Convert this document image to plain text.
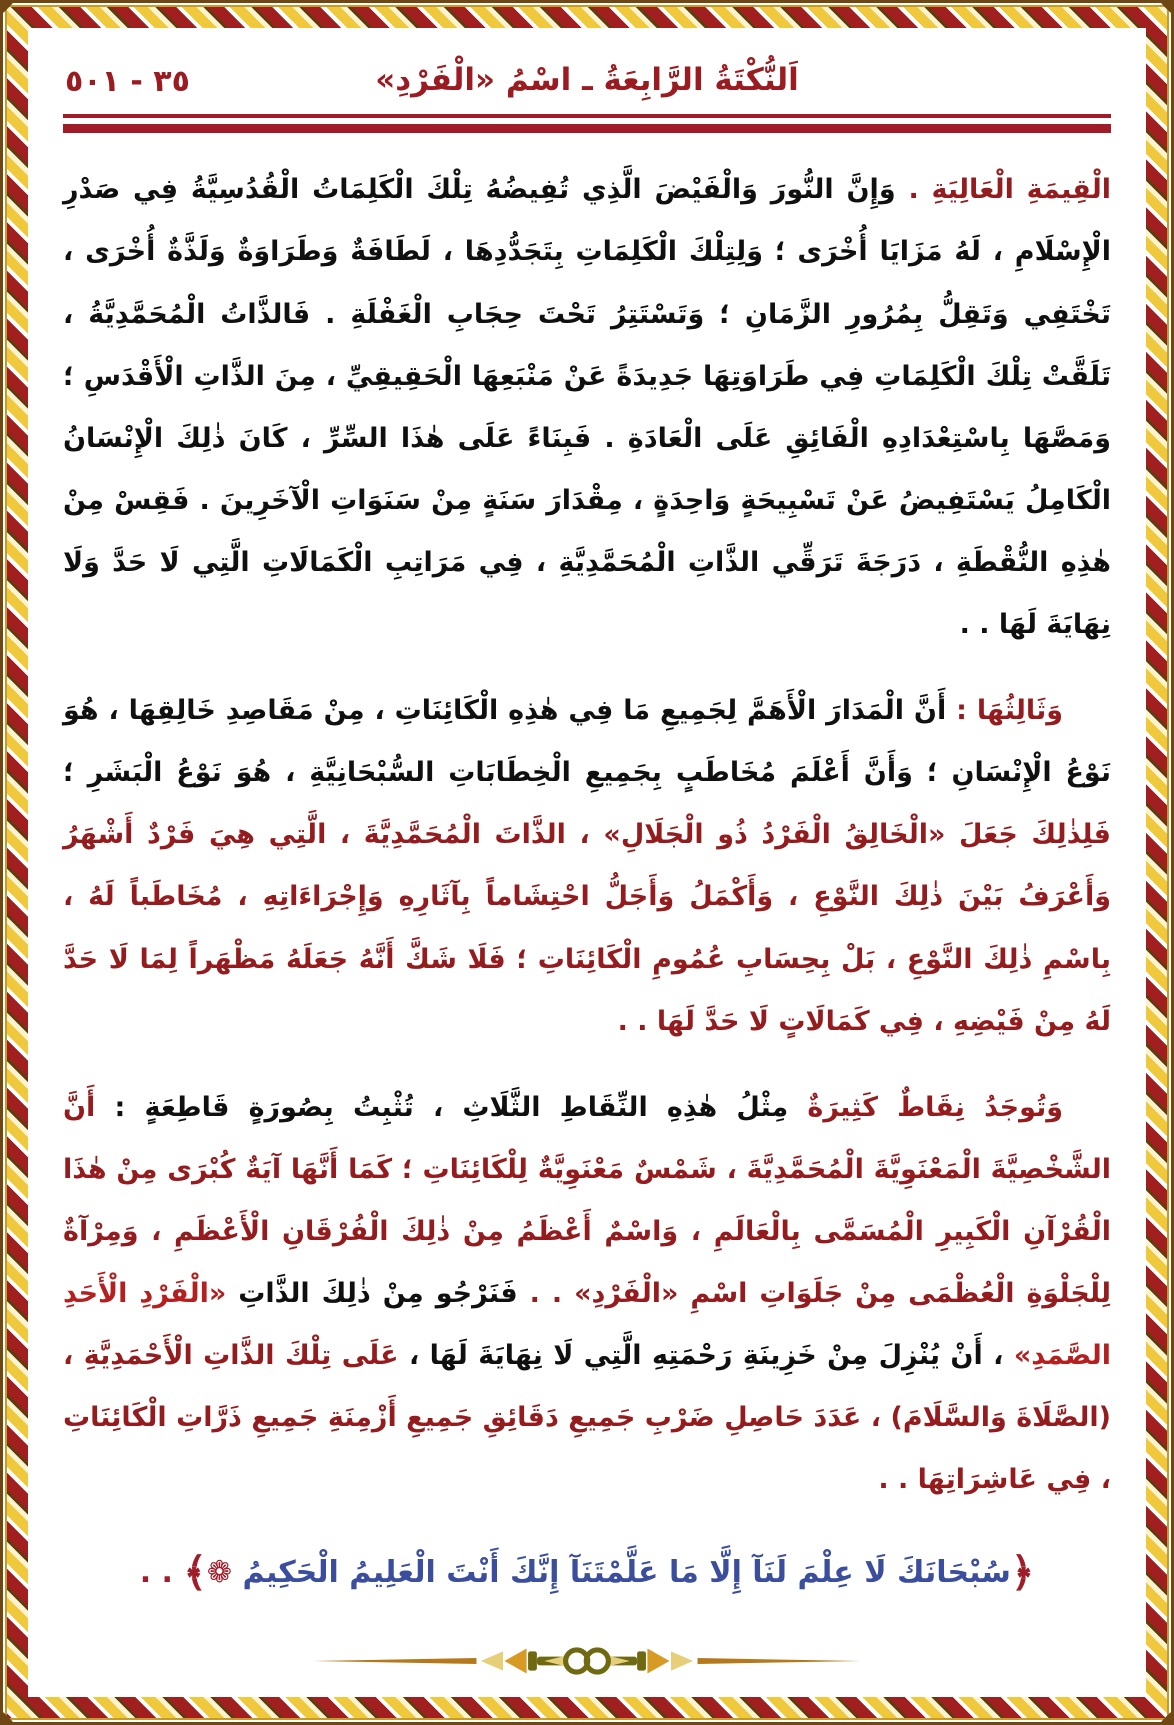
٣٥ - ٥٠١	اَلنُّكْتَةُ الرَّابِعَةُ ـ اسْمُ «الْفَرْدِ»

الْقِيمَةِ الْعَالِيَةِ . وَإِنَّ النُّورَ وَالْفَيْضَ الَّذِي تُفِيضُهُ تِلْكَ الْكَلِمَاتُ الْقُدُسِيَّةُ فِي صَدْرِ الْإِسْلَامِ ، لَهُ مَزَايَا أُخْرَى ؛ وَلِتِلْكَ الْكَلِمَاتِ بِتَجَدُّدِهَا ، لَطَافَةٌ وَطَرَاوَةٌ وَلَذَّةٌ أُخْرَى ، تَخْتَفِي وَتَقِلُّ بِمُرُورِ الزَّمَانِ ؛ وَتَسْتَتِرُ تَحْتَ حِجَابِ الْغَفْلَةِ . فَالذَّاتُ الْمُحَمَّدِيَّةُ ، تَلَقَّتْ تِلْكَ الْكَلِمَاتِ فِي طَرَاوَتِهَا جَدِيدَةً عَنْ مَنْبَعِهَا الْحَقِيقِيِّ ، مِنَ الذَّاتِ الْأَقْدَسِ ؛ وَمَصَّهَا بِاسْتِعْدَادِهِ الْفَائِقِ عَلَى الْعَادَةِ . فَبِنَاءً عَلَى هٰذَا السِّرِّ ، كَانَ ذٰلِكَ الْإِنْسَانُ الْكَامِلُ يَسْتَفِيضُ عَنْ تَسْبِيحَةٍ وَاحِدَةٍ ، مِقْدَارَ سَنَةٍ مِنْ سَنَوَاتِ الْآخَرِينَ . فَقِسْ مِنْ هٰذِهِ النُّقْطَةِ ، دَرَجَةَ تَرَقِّي الذَّاتِ الْمُحَمَّدِيَّةِ ، فِي مَرَاتِبِ الْكَمَالَاتِ الَّتِي لَا حَدَّ وَلَا نِهَايَةَ لَهَا . .

وَثَالِثُهَا : أَنَّ الْمَدَارَ الْأَهَمَّ لِجَمِيعِ مَا فِي هٰذِهِ الْكَائِنَاتِ ، مِنْ مَقَاصِدِ خَالِقِهَا ، هُوَ نَوْعُ الْإِنْسَانِ ؛ وَأَنَّ أَعْلَمَ مُخَاطَبٍ بِجَمِيعِ الْخِطَابَاتِ السُّبْحَانِيَّةِ ، هُوَ نَوْعُ الْبَشَرِ ؛ فَلِذٰلِكَ جَعَلَ «الْخَالِقُ الْفَرْدُ ذُو الْجَلَالِ» ، الذَّاتَ الْمُحَمَّدِيَّةَ ، الَّتِي هِيَ فَرْدٌ أَشْهَرُ وَأَعْرَفُ بَيْنَ ذٰلِكَ النَّوْعِ ، وَأَكْمَلُ وَأَجَلُّ احْتِشَاماً بِآثَارِهِ وَإِجْرَاءَاتِهِ ، مُخَاطَباً لَهُ ، بِاسْمِ ذٰلِكَ النَّوْعِ ، بَلْ بِحِسَابِ عُمُومِ الْكَائِنَاتِ ؛ فَلَا شَكَّ أَنَّهُ جَعَلَهُ مَظْهَراً لِمَا لَا حَدَّ لَهُ مِنْ فَيْضِهِ ، فِي كَمَالَاتٍ لَا حَدَّ لَهَا . .

وَتُوجَدُ نِقَاطٌ كَثِيرَةٌ مِثْلُ هٰذِهِ النِّقَاطِ الثَّلَاثِ ، تُثْبِتُ بِصُورَةٍ قَاطِعَةٍ : أَنَّ الشَّخْصِيَّةَ الْمَعْنَوِيَّةَ الْمُحَمَّدِيَّةَ ، شَمْسٌ مَعْنَوِيَّةٌ لِلْكَائِنَاتِ ؛ كَمَا أَنَّهَا آيَةٌ كُبْرَى مِنْ هٰذَا الْقُرْآنِ الْكَبِيرِ الْمُسَمَّى بِالْعَالَمِ ، وَاسْمٌ أَعْظَمُ مِنْ ذٰلِكَ الْفُرْقَانِ الْأَعْظَمِ ، وَمِرْآةٌ لِلْجَلْوَةِ الْعُظْمَى مِنْ جَلَوَاتِ اسْمِ «الْفَرْدِ» . . فَنَرْجُو مِنْ ذٰلِكَ الذَّاتِ «الْفَرْدِ الْأَحَدِ الصَّمَدِ» ، أَنْ يُنْزِلَ مِنْ خَزِينَةِ رَحْمَتِهِ الَّتِي لَا نِهَايَةَ لَهَا ، عَلَى تِلْكَ الذَّاتِ الْأَحْمَدِيَّةِ ، (الصَّلَاةَ وَالسَّلَامَ) ، عَدَدَ حَاصِلِ ضَرْبِ جَمِيعِ دَقَائِقِ جَمِيعِ أَزْمِنَةِ جَمِيعِ ذَرَّاتِ الْكَائِنَاتِ ، فِي عَاشِرَاتِهَا . .

﴿سُبْحَانَكَ لَا عِلْمَ لَنَآ إِلَّا مَا عَلَّمْتَنَآ إِنَّكَ أَنْتَ الْعَلِيمُ الْحَكِيمُ ❁﴾ . .
